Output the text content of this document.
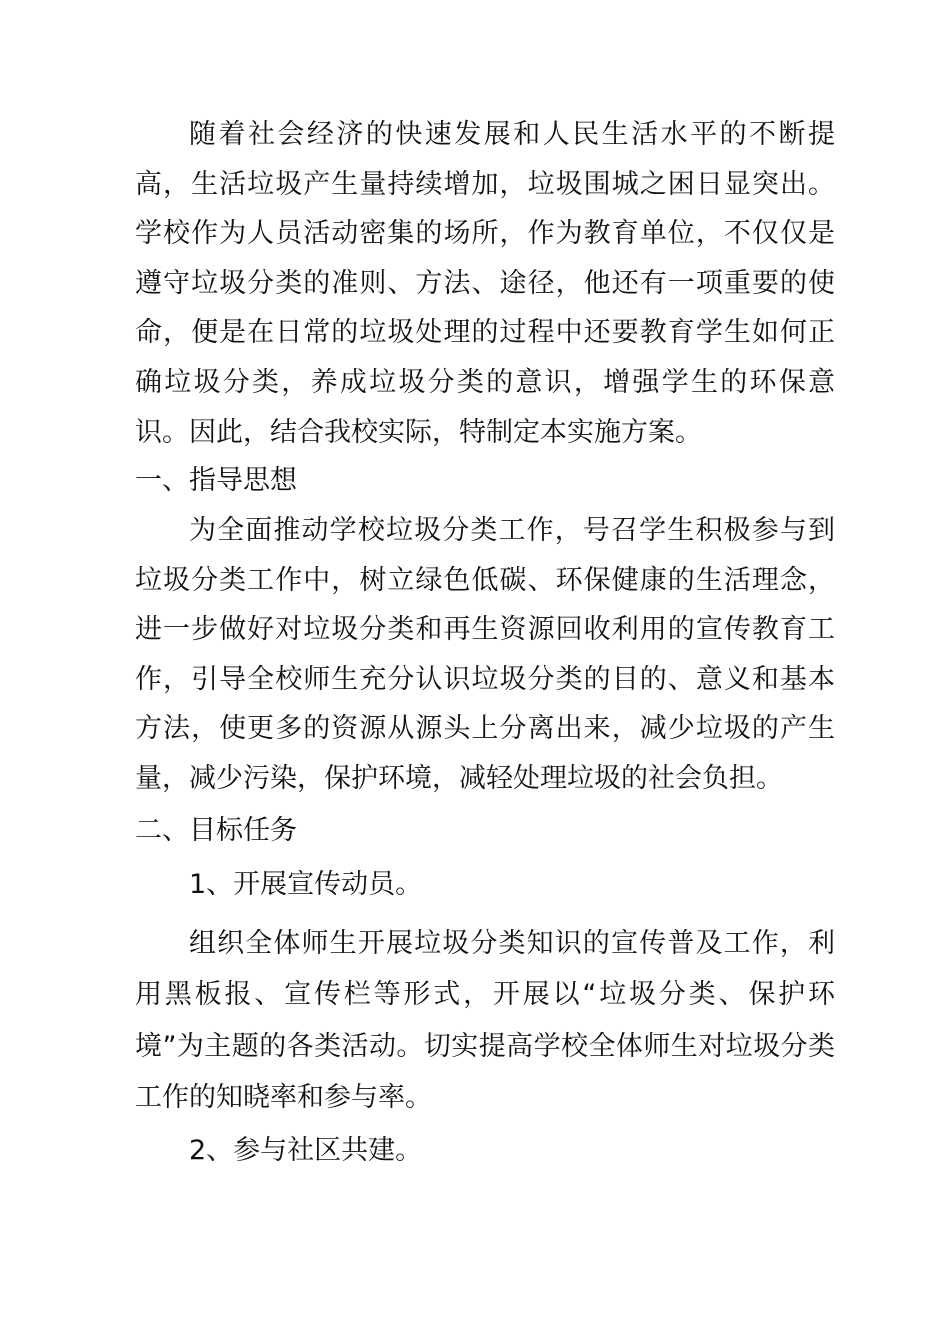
随着社会经济的快速发展和人民生活水平的不断提高，生活垃圾产生量持续增加，垃圾围城之困日显突出。学校作为人员活动密集的场所，作为教育单位，不仅仅是遵守垃圾分类的准则、方法、途径，他还有一项重要的使命，便是在日常的垃圾处理的过程中还要教育学生如何正确垃圾分类，养成垃圾分类的意识，增强学生的环保意识。因此，结合我校实际，特制定本实施方案。

一、指导思想

为全面推动学校垃圾分类工作，号召学生积极参与到垃圾分类工作中，树立绿色低碳、环保健康的生活理念，进一步做好对垃圾分类和再生资源回收利用的宣传教育工作，引导全校师生充分认识垃圾分类的目的、意义和基本方法，使更多的资源从源头上分离出来，减少垃圾的产生量，减少污染，保护环境，减轻处理垃圾的社会负担。

二、目标任务

1、开展宣传动员。

组织全体师生开展垃圾分类知识的宣传普及工作，利用黑板报、宣传栏等形式，开展以“垃圾分类、保护环境”为主题的各类活动。切实提高学校全体师生对垃圾分类工作的知晓率和参与率。

2、参与社区共建。
